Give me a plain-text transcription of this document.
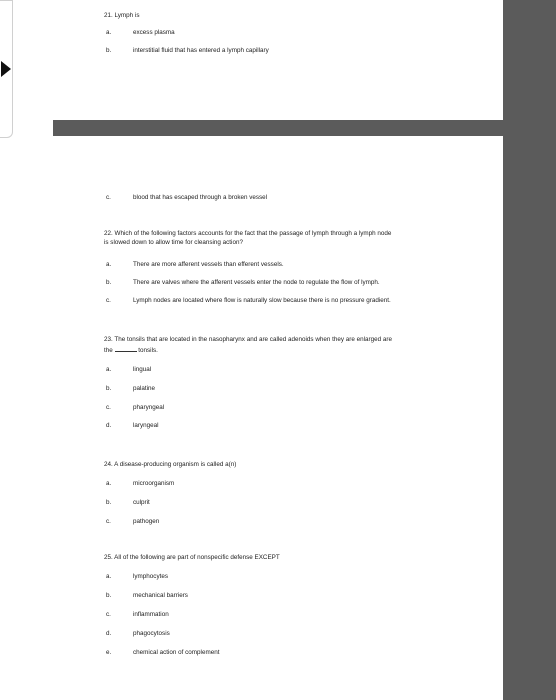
21. Lymph is
a.	excess plasma
b.	interstitial fluid that has entered a lymph capillary
c.	blood that has escaped through a broken vessel
22. Which of the following factors accounts for the fact that the passage of lymph through a lymph node
is slowed down to allow time for cleansing action?
a.	There are more afferent vessels than efferent vessels.
b.	There are valves where the afferent vessels enter the node to regulate the flow of lymph.
c.	Lymph nodes are located where flow is naturally slow because there is no pressure gradient.
23. The tonsils that are located in the nasopharynx and are called adenoids when they are enlarged are
the	tonsils.
a.	lingual
b.	palatine
c.	pharyngeal
d.	laryngeal
24. A disease-producing organism is called a(n)
a.	microorganism
b.	culprit
c.	pathogen
25. All of the following are part of nonspecific defense EXCEPT
a.	lymphocytes
b.	mechanical barriers
c.	inflammation
d.	phagocytosis
e.	chemical action of complement
